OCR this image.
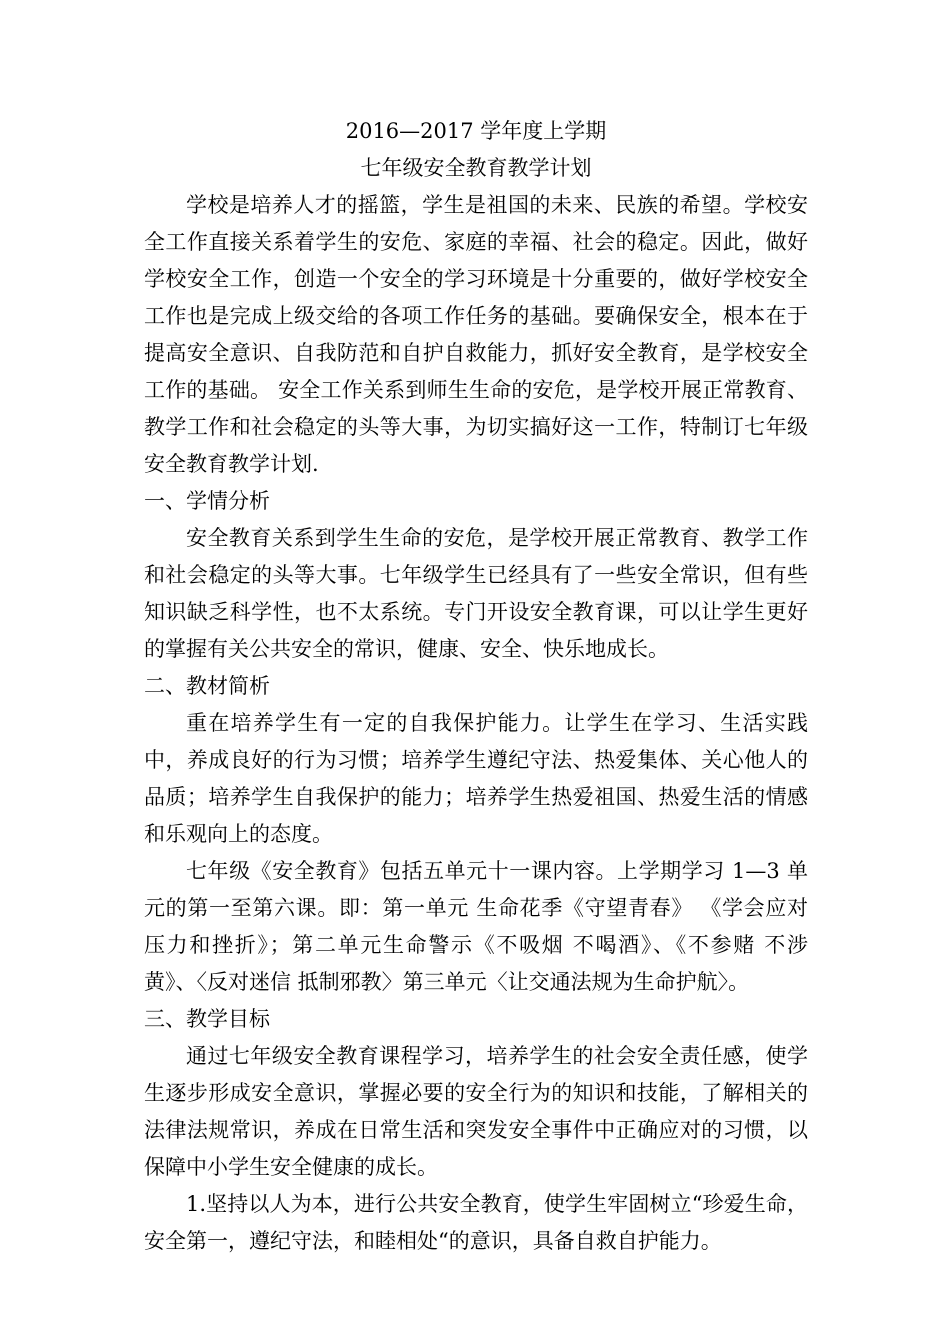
2016—2017 学年度上学期

七年级安全教育教学计划

学校是培养人才的摇篮，学生是祖国的未来、民族的希望。学校安全工作直接关系着学生的安危、家庭的幸福、社会的稳定。因此，做好学校安全工作，创造一个安全的学习环境是十分重要的，做好学校安全工作也是完成上级交给的各项工作任务的基础。要确保安全，根本在于提高安全意识、自我防范和自护自救能力，抓好安全教育，是学校安全工作的基础。 安全工作关系到师生生命的安危，是学校开展正常教育、教学工作和社会稳定的头等大事，为切实搞好这一工作，特制订七年级安全教育教学计划.

一、学情分析

安全教育关系到学生生命的安危，是学校开展正常教育、教学工作和社会稳定的头等大事。七年级学生已经具有了一些安全常识，但有些知识缺乏科学性，也不太系统。专门开设安全教育课，可以让学生更好的掌握有关公共安全的常识，健康、安全、快乐地成长。

二、教材简析

重在培养学生有一定的自我保护能力。让学生在学习、生活实践中，养成良好的行为习惯；培养学生遵纪守法、热爱集体、关心他人的品质；培养学生自我保护的能力；培养学生热爱祖国、热爱生活的情感和乐观向上的态度。

七年级《安全教育》包括五单元十一课内容。上学期学习 1—3 单元的第一至第六课。即：第一单元 生命花季《守望青春》 《学会应对压力和挫折》；第二单元生命警示《不吸烟 不喝酒》、《不参赌 不涉黄》、〈反对迷信 抵制邪教〉第三单元〈让交通法规为生命护航〉。

三、教学目标

通过七年级安全教育课程学习，培养学生的社会安全责任感，使学生逐步形成安全意识，掌握必要的安全行为的知识和技能，了解相关的法律法规常识，养成在日常生活和突发安全事件中正确应对的习惯，以保障中小学生安全健康的成长。

1.坚持以人为本，进行公共安全教育，使学生牢固树立“珍爱生命，安全第一，遵纪守法，和睦相处“的意识，具备自救自护能力。
